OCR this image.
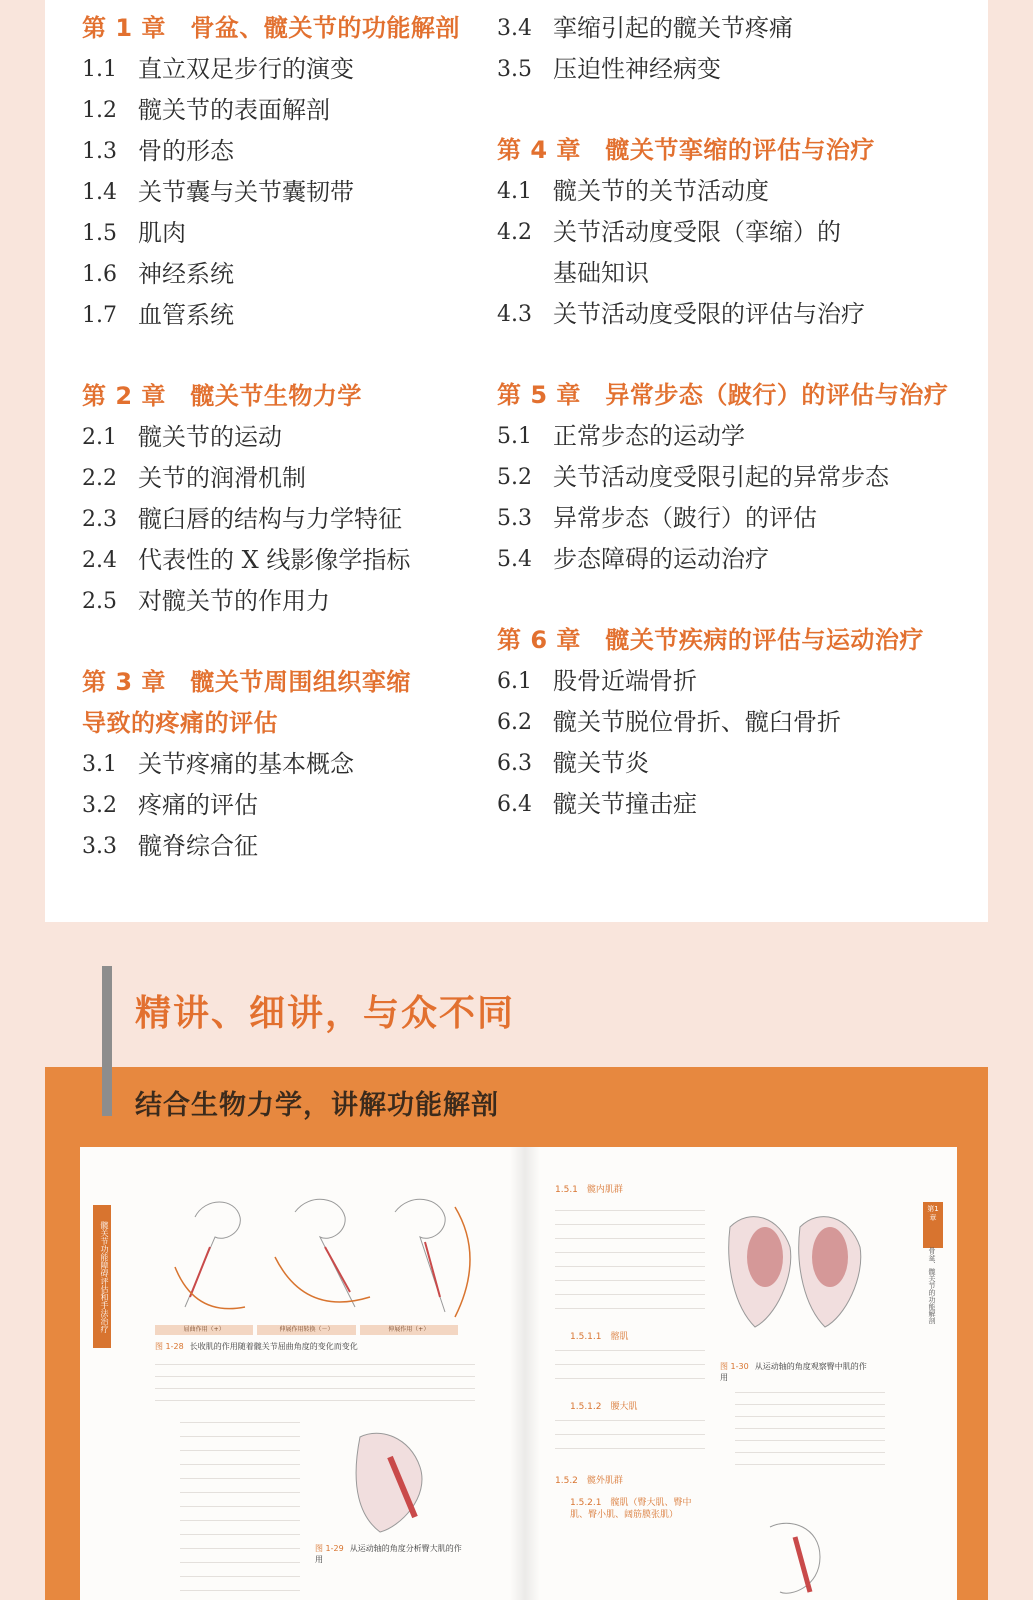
第 1 章　骨盆、髋关节的功能解剖
1.1 直立双足步行的演变
1.2 髋关节的表面解剖
1.3 骨的形态
1.4 关节囊与关节囊韧带
1.5 肌肉
1.6 神经系统
1.7 血管系统
第 2 章　髋关节生物力学
2.1 髋关节的运动
2.2 关节的润滑机制
2.3 髋臼唇的结构与力学特征
2.4 代表性的 X 线影像学指标
2.5 对髋关节的作用力
第 3 章　髋关节周围组织挛缩
导致的疼痛的评估
3.1 关节疼痛的基本概念
3.2 疼痛的评估
3.3 髋脊综合征
3.4 挛缩引起的髋关节疼痛
3.5 压迫性神经病变
第 4 章　髋关节挛缩的评估与治疗
4.1 髋关节的关节活动度
4.2 关节活动度受限（挛缩）的
基础知识
4.3 关节活动度受限的评估与治疗
第 5 章　异常步态（跛行）的评估与治疗
5.1 正常步态的运动学
5.2 关节活动度受限引起的异常步态
5.3 异常步态（跛行）的评估
5.4 步态障碍的运动治疗
第 6 章　髋关节疾病的评估与运动治疗
6.1 股骨近端骨折
6.2 髋关节脱位骨折、髋臼骨折
6.3 髋关节炎
6.4 髋关节撞击症
精讲、细讲，与众不同
结合生物力学，讲解功能解剖
髋关节功能障碍评估和手法治疗
第1章
骨盆、髋关节的功能解剖
屈曲作用（+）	伸展作用转换（－）	伸展作用（+）
图 1-28 长收肌的作用随着髋关节屈曲角度的变化而变化
图 1-29 从运动轴的角度分析臀大肌的作用
1.5.1　髋内肌群
1.5.1.1　髂肌
1.5.1.2　腰大肌
1.5.2　髋外肌群
1.5.2.1　髋肌（臀大肌、臀中肌、臀小肌、阔筋膜张肌）
图 1-30 从运动轴的角度观察臀中肌的作用
